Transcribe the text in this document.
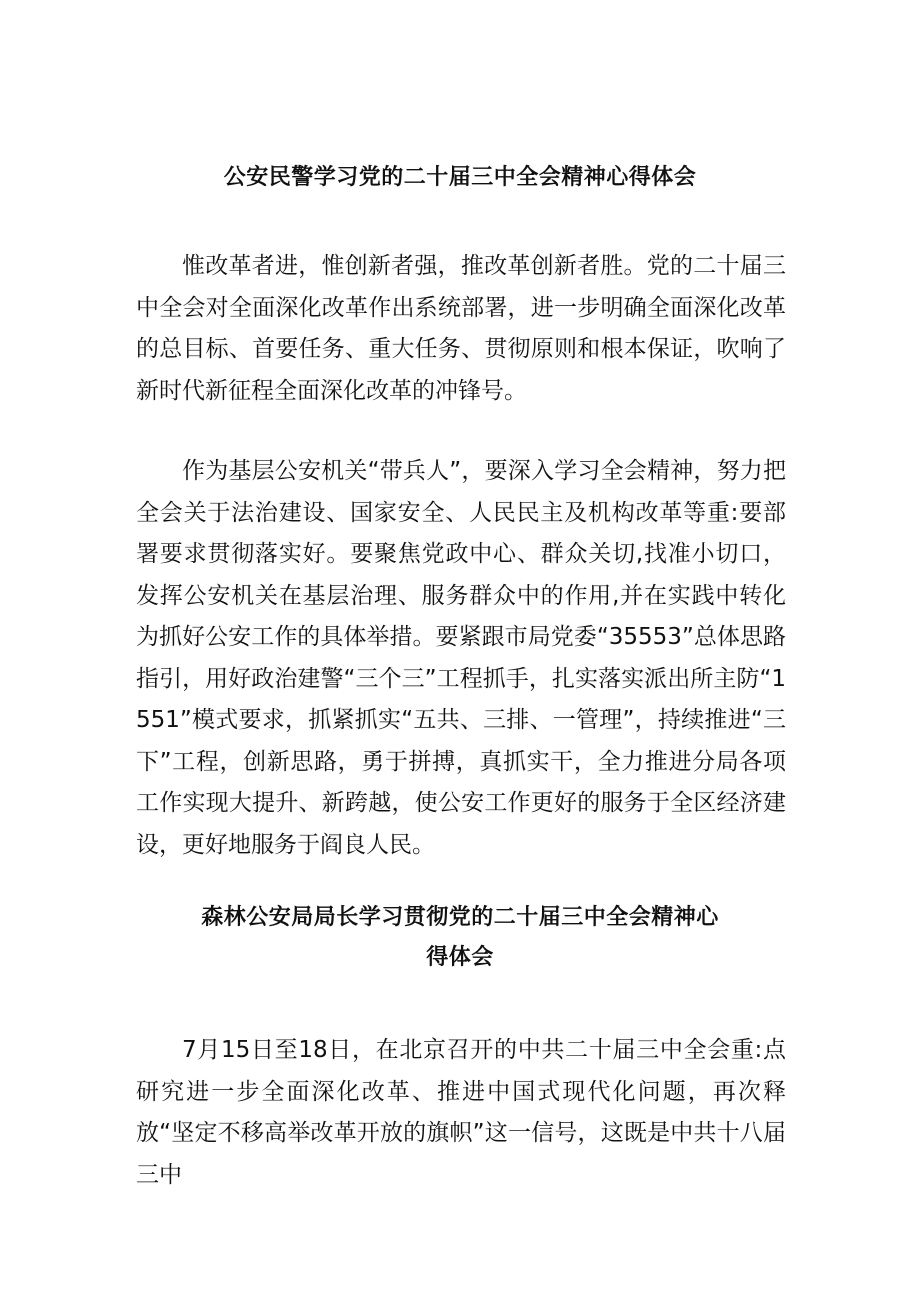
公安民警学习党的二十届三中全会精神心得体会

惟改革者进，惟创新者强，推改革创新者胜。党的二十届三中全会对全面深化改革作出系统部署，进一步明确全面深化改革的总目标、首要任务、重大任务、贯彻原则和根本保证，吹响了新时代新征程全面深化改革的冲锋号。

作为基层公安机关“带兵人”，要深入学习全会精神，努力把全会关于法治建设、国家安全、人民民主及机构改革等重:要部署要求贯彻落实好。要聚焦党政中心、群众关切,找准小切口，发挥公安机关在基层治理、服务群众中的作用,并在实践中转化为抓好公安工作的具体举措。要紧跟市局党委“35553”总体思路指引，用好政治建警“三个三”工程抓手，扎实落实派出所主防“1551”模式要求，抓紧抓实“五共、三排、一管理”，持续推进“三下”工程，创新思路，勇于拼搏，真抓实干，全力推进分局各项工作实现大提升、新跨越，使公安工作更好的服务于全区经济建设，更好地服务于阎良人民。

森林公安局局长学习贯彻党的二十届三中全会精神心
得体会

7月15日至18日，在北京召开的中共二十届三中全会重:点研究进一步全面深化改革、推进中国式现代化问题，再次释放“坚定不移高举改革开放的旗帜”这一信号，这既是中共十八届三中
